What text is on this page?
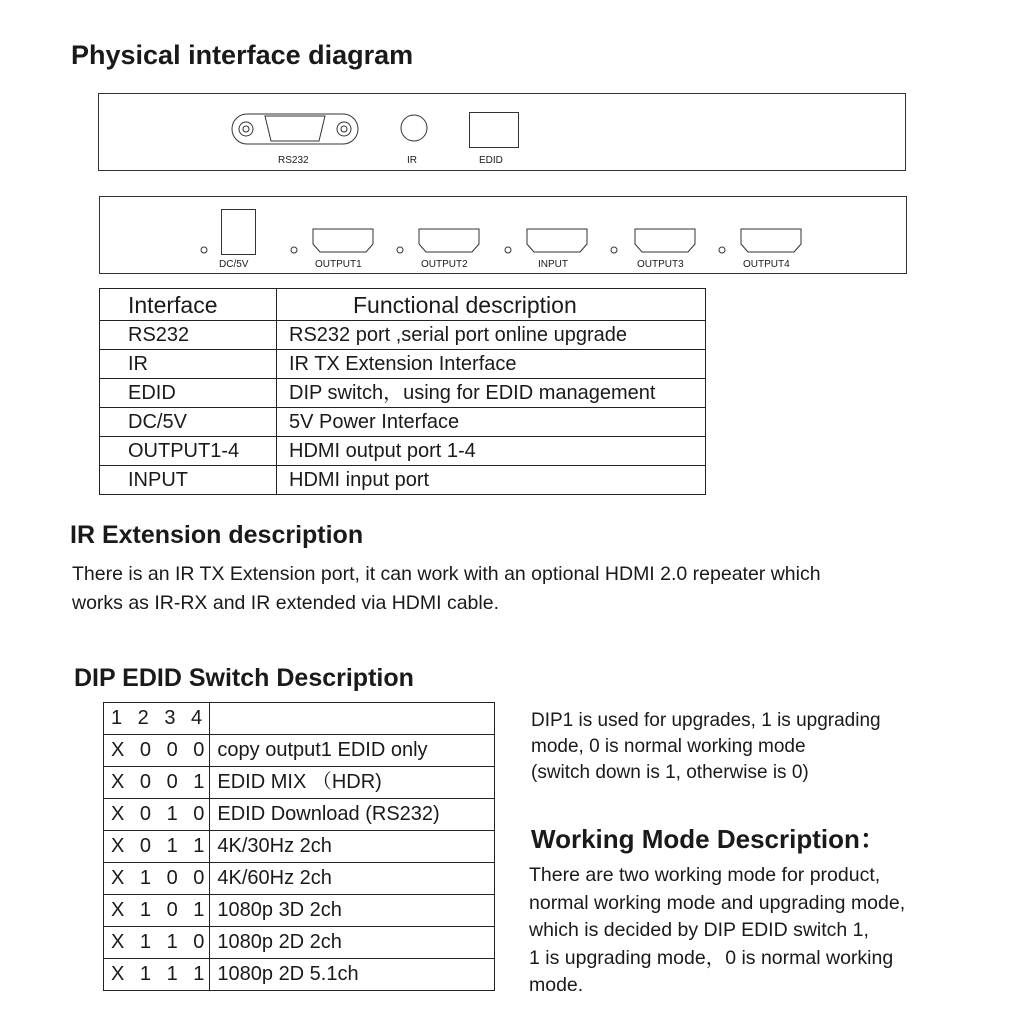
Physical interface diagram
RS232	IR	EDID
DC/5V	OUTPUT1	OUTPUT2	INPUT	OUTPUT3	OUTPUT4
Interface	Functional description
RS232	RS232 port ,serial port online upgrade
IR	IR TX Extension Interface
EDID	DIP switch，using for EDID management
DC/5V	5V Power Interface
OUTPUT1-4	HDMI output port 1-4
INPUT	HDMI input port
IR Extension description
There is an IR TX Extension port, it can work with an optional HDMI 2.0 repeater which
works as IR-RX and IR extended via HDMI cable.
DIP EDID Switch Description
1 2 3 4	
X 0 0 0	copy output1 EDID only
X 0 0 1	EDID MIX （HDR)
X 0 1 0	EDID Download (RS232)
X 0 1 1	4K/30Hz 2ch
X 1 0 0	4K/60Hz 2ch
X 1 0 1	1080p 3D 2ch
X 1 1 0	1080p 2D 2ch
X 1 1 1	1080p 2D 5.1ch
DIP1 is used for upgrades, 1 is upgrading
mode, 0 is normal working mode
(switch down is 1, otherwise is 0)
Working Mode Description：
There are two working mode for product,
normal working mode and upgrading mode,
which is decided by DIP EDID switch 1,
1 is upgrading mode，0 is normal working
mode.
